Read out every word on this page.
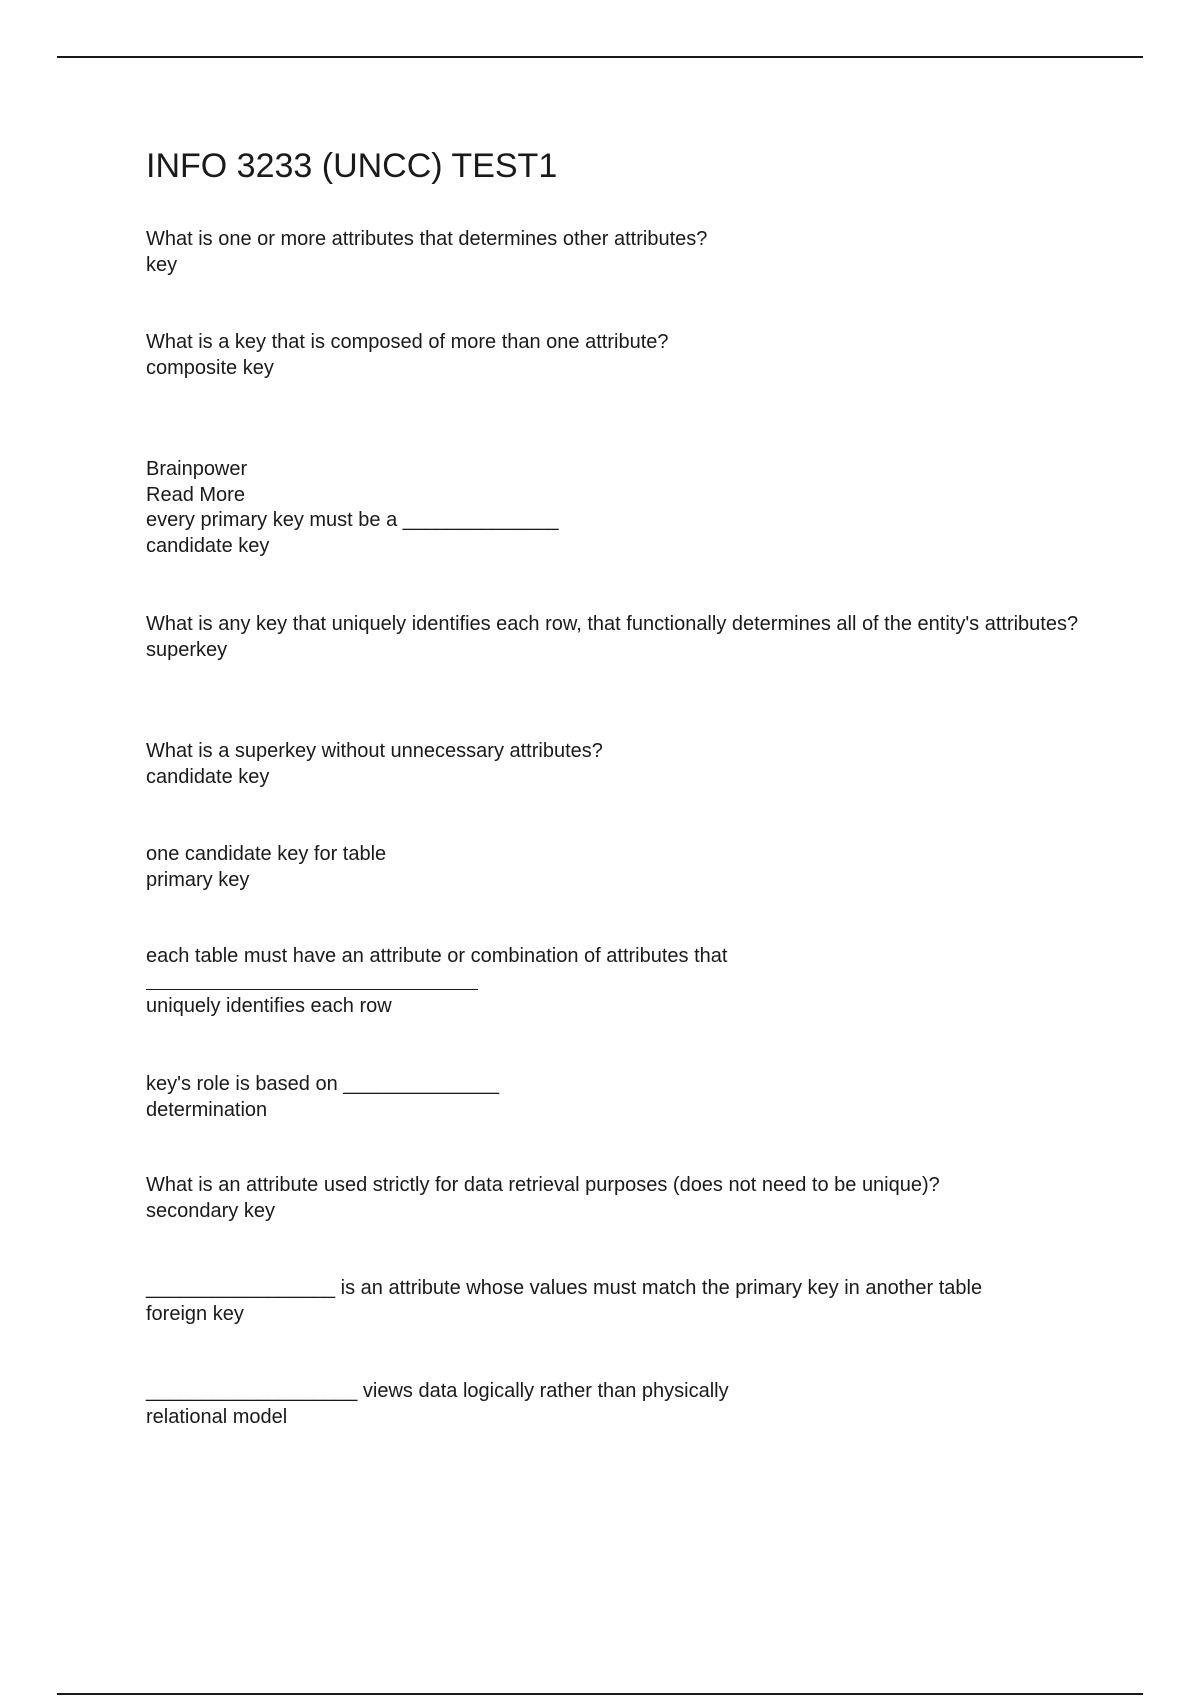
INFO 3233 (UNCC) TEST1

What is one or more attributes that determines other attributes?

key

What is a key that is composed of more than one attribute?

composite key

Brainpower

Read More

every primary key must be a ______________

candidate key

What is any key that uniquely identifies each row, that functionally determines all of the entity's attributes?

superkey

What is a superkey without unnecessary attributes?

candidate key

one candidate key for table

primary key

each table must have an attribute or combination of attributes that

uniquely identifies each row

key's role is based on ______________

determination

What is an attribute used strictly for data retrieval purposes (does not need to be unique)?

secondary key

_________________ is an attribute whose values must match the primary key in another table

foreign key

___________________ views data logically rather than physically

relational model
